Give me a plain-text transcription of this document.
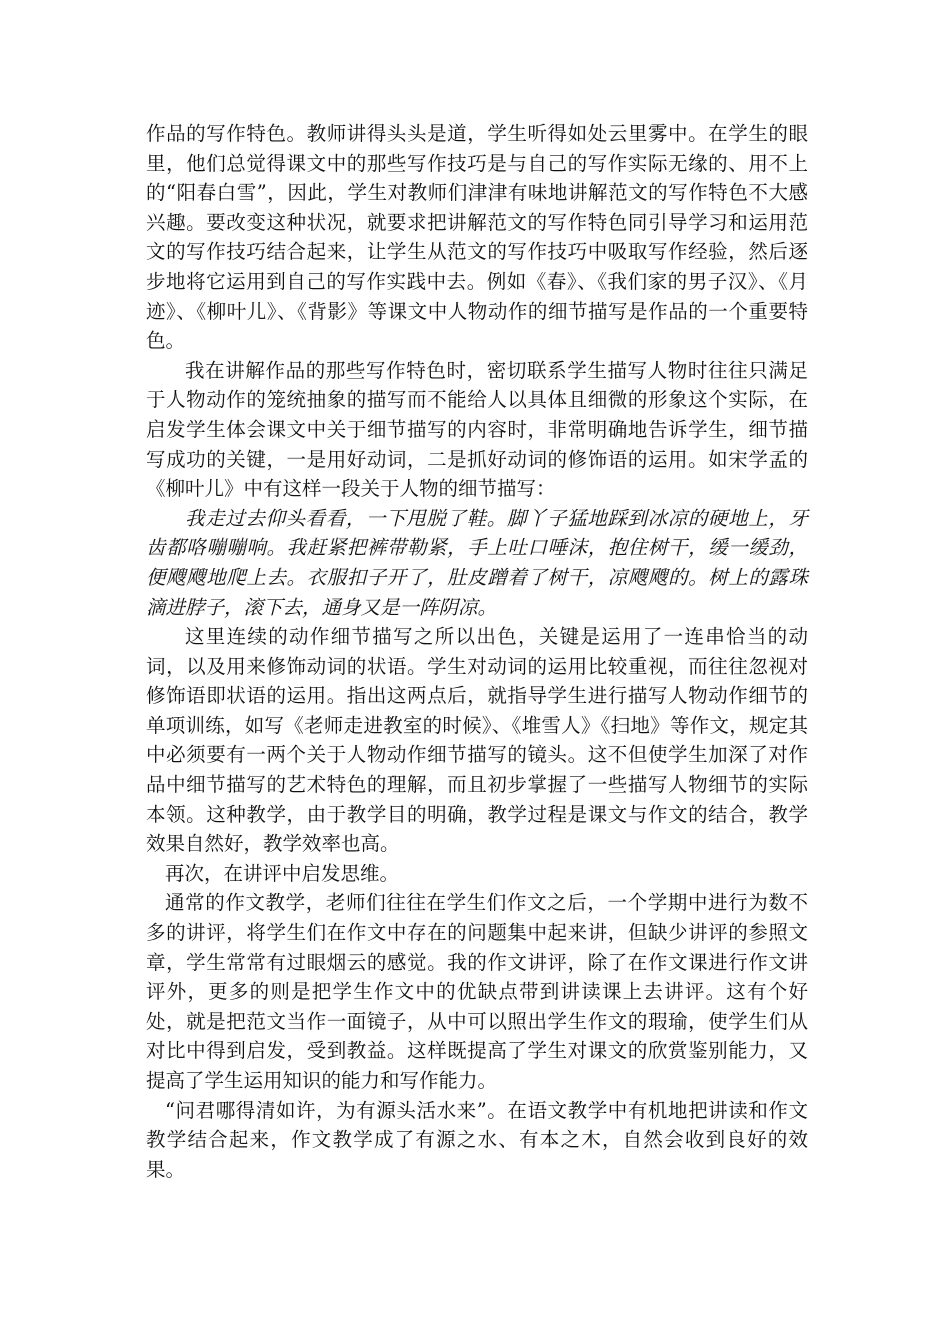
作品的写作特色。教师讲得头头是道，学生听得如处云里雾中。在学生的眼里，他们总觉得课文中的那些写作技巧是与自己的写作实际无缘的、用不上的“阳春白雪”，因此，学生对教师们津津有味地讲解范文的写作特色不大感兴趣。要改变这种状况，就要求把讲解范文的写作特色同引导学习和运用范文的写作技巧结合起来，让学生从范文的写作技巧中吸取写作经验，然后逐步地将它运用到自己的写作实践中去。例如《春》、《我们家的男子汉》、《月迹》、《柳叶儿》、《背影》等课文中人物动作的细节描写是作品的一个重要特色。

我在讲解作品的那些写作特色时，密切联系学生描写人物时往往只满足于人物动作的笼统抽象的描写而不能给人以具体且细微的形象这个实际，在启发学生体会课文中关于细节描写的内容时，非常明确地告诉学生，细节描写成功的关键，一是用好动词，二是抓好动词的修饰语的运用。如宋学孟的《柳叶儿》中有这样一段关于人物的细节描写：

我走过去仰头看看，一下甩脱了鞋。脚丫子猛地踩到冰凉的硬地上，牙齿都咯嘣嘣响。我赶紧把裤带勒紧，手上吐口唾沫，抱住树干，缓一缓劲，便飕飕地爬上去。衣服扣子开了，肚皮蹭着了树干，凉飕飕的。树上的露珠滴进脖子，滚下去，通身又是一阵阴凉。

这里连续的动作细节描写之所以出色，关键是运用了一连串恰当的动词，以及用来修饰动词的状语。学生对动词的运用比较重视，而往往忽视对修饰语即状语的运用。指出这两点后，就指导学生进行描写人物动作细节的单项训练，如写《老师走进教室的时候》、《堆雪人》《扫地》等作文，规定其中必须要有一两个关于人物动作细节描写的镜头。这不但使学生加深了对作品中细节描写的艺术特色的理解，而且初步掌握了一些描写人物细节的实际本领。这种教学，由于教学目的明确，教学过程是课文与作文的结合，教学效果自然好，教学效率也高。

再次，在讲评中启发思维。

通常的作文教学，老师们往往在学生们作文之后，一个学期中进行为数不多的讲评，将学生们在作文中存在的问题集中起来讲，但缺少讲评的参照文章，学生常常有过眼烟云的感觉。我的作文讲评，除了在作文课进行作文讲评外，更多的则是把学生作文中的优缺点带到讲读课上去讲评。这有个好处，就是把范文当作一面镜子，从中可以照出学生作文的瑕瑜，使学生们从对比中得到启发，受到教益。这样既提高了学生对课文的欣赏鉴别能力，又提高了学生运用知识的能力和写作能力。

“问君哪得清如许，为有源头活水来”。在语文教学中有机地把讲读和作文教学结合起来，作文教学成了有源之水、有本之木，自然会收到良好的效果。
